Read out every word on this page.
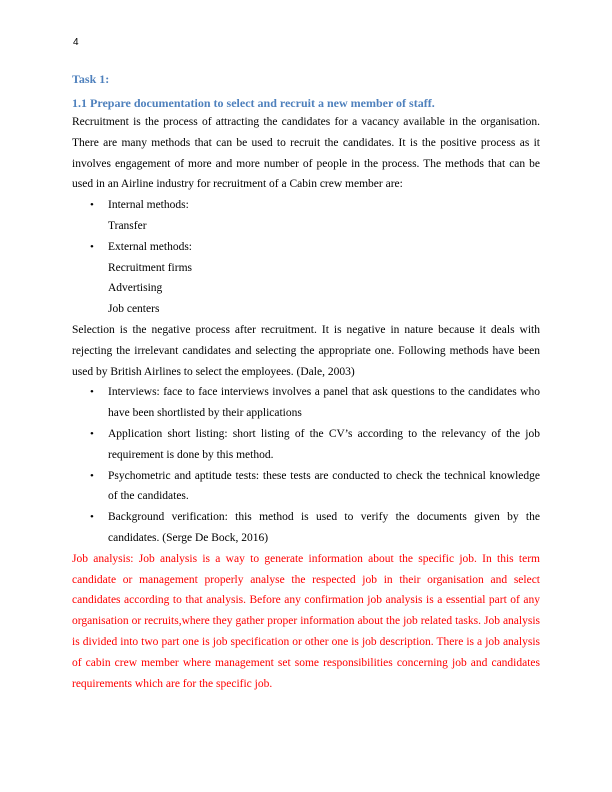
4
Task 1:
1.1 Prepare documentation to select and recruit a new member of staff.

Recruitment is the process of attracting the candidates for a vacancy available in the organisation. There are many methods that can be used to recruit the candidates. It is the positive process as it involves engagement of more and more number of people in the process. The methods that can be used in an Airline industry for recruitment of a Cabin crew member are:

• Internal methods:
Transfer
• External methods:
Recruitment firms
Advertising
Job centers

Selection is the negative process after recruitment. It is negative in nature because it deals with rejecting the irrelevant candidates and selecting the appropriate one. Following methods have been used by British Airlines to select the employees. (Dale, 2003)

• Interviews: face to face interviews involves a panel that ask questions to the candidates who have been shortlisted by their applications
• Application short listing: short listing of the CV’s according to the relevancy of the job requirement is done by this method.
• Psychometric and aptitude tests: these tests are conducted to check the technical knowledge of the candidates.
• Background verification: this method is used to verify the documents given by the candidates. (Serge De Bock, 2016)

Job analysis: Job analysis is a way to generate information about the specific job. In this term candidate or management properly analyse the respected job in their organisation and select candidates according to that analysis. Before any confirmation job analysis is a essential part of any organisation or recruits,where they gather proper information about the job related tasks. Job analysis is divided into two part one is job specification or other one is job description. There is a job analysis of cabin crew member where management set some responsibilities concerning job and candidates requirements which are for the specific job.
